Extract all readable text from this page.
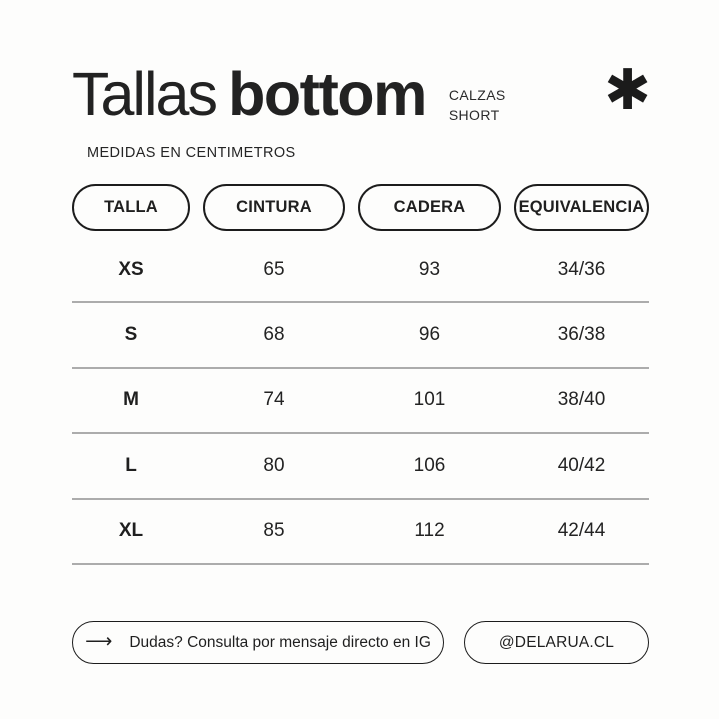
Tallas bottom CALZAS
SHORT ✱
MEDIDAS EN CENTIMETROS
TALLA	CINTURA	CADERA	EQUIVALENCIA
XS	65	93	34/36
S	68	96	36/38
M	74	101	38/40
L	80	106	40/42
XL	85	112	42/44
⟶ Dudas? Consulta por mensaje directo en IG	@DELARUA.CL
